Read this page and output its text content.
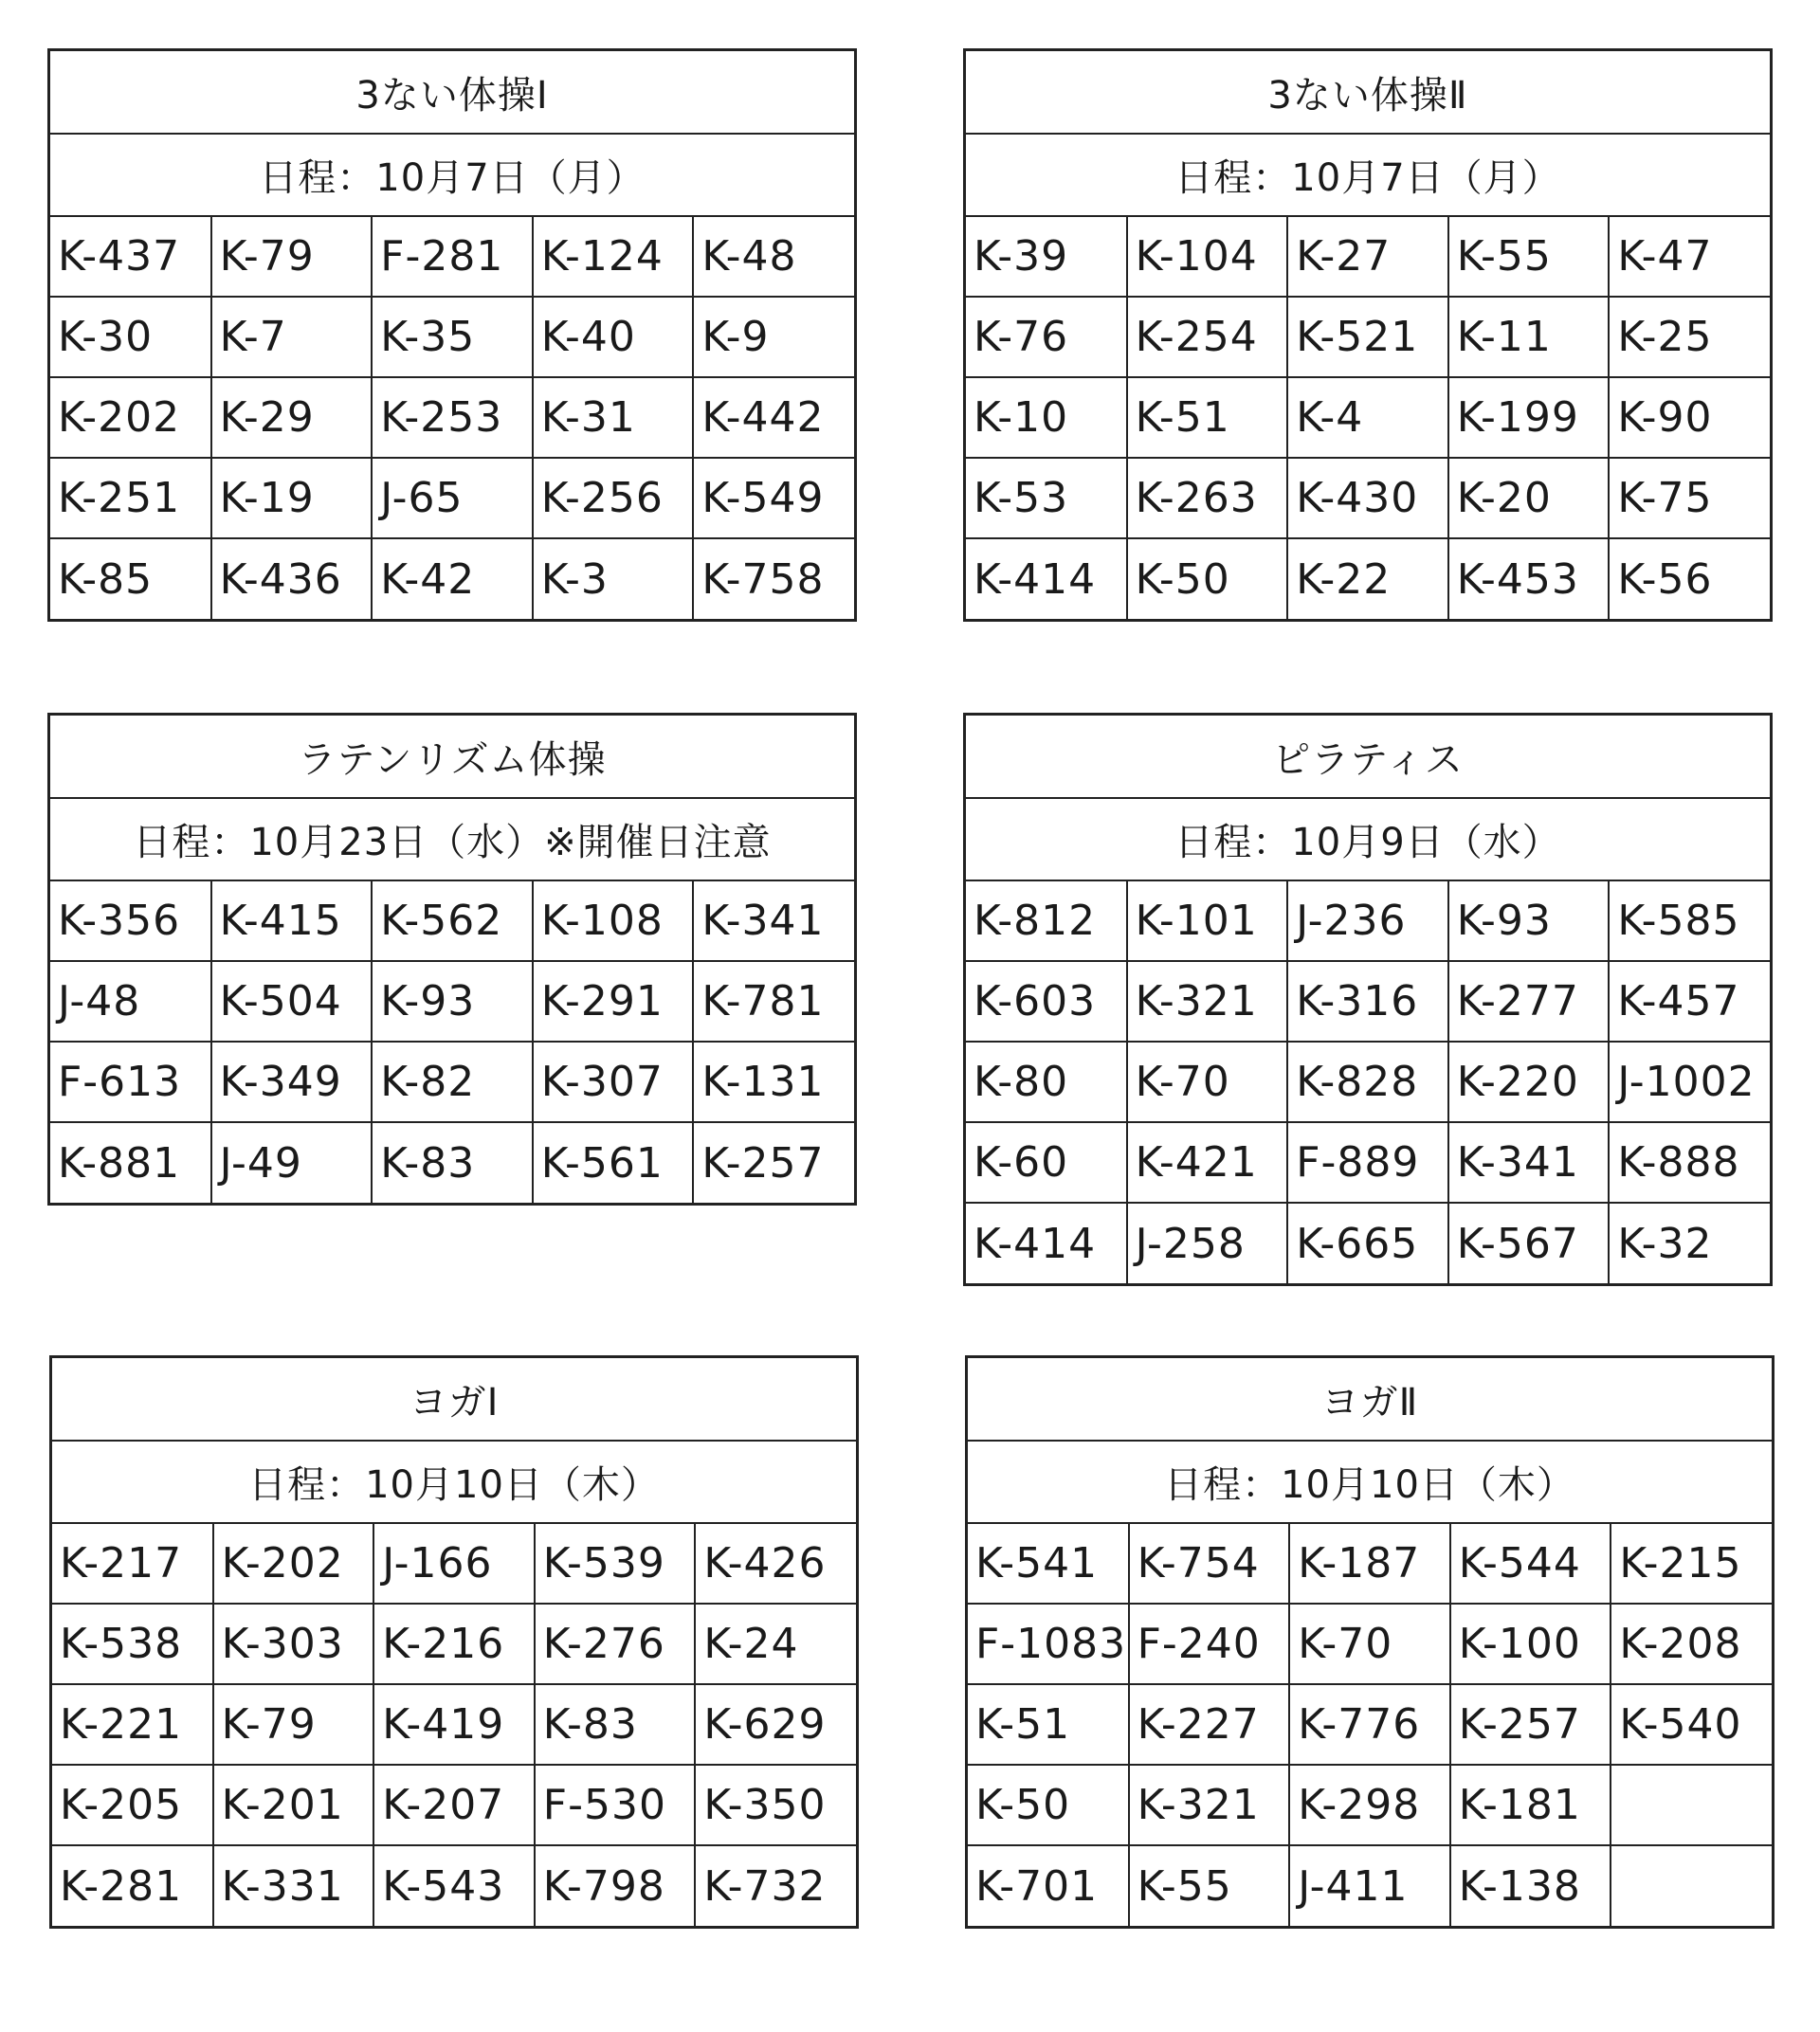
3ない体操Ⅰ				
日程：10月7日（月）				
K-437	K-79	F-281	K-124	K-48
K-30	K-7	K-35	K-40	K-9
K-202	K-29	K-253	K-31	K-442
K-251	K-19	J-65	K-256	K-549
K-85	K-436	K-42	K-3	K-758
3ない体操Ⅱ				
日程：10月7日（月）				
K-39	K-104	K-27	K-55	K-47
K-76	K-254	K-521	K-11	K-25
K-10	K-51	K-4	K-199	K-90
K-53	K-263	K-430	K-20	K-75
K-414	K-50	K-22	K-453	K-56
ラテンリズム体操				
日程：10月23日（水）※開催日注意				
K-356	K-415	K-562	K-108	K-341
J-48	K-504	K-93	K-291	K-781
F-613	K-349	K-82	K-307	K-131
K-881	J-49	K-83	K-561	K-257
ピラティス				
日程：10月9日（水）				
K-812	K-101	J-236	K-93	K-585
K-603	K-321	K-316	K-277	K-457
K-80	K-70	K-828	K-220	J-1002
K-60	K-421	F-889	K-341	K-888
K-414	J-258	K-665	K-567	K-32
ヨガⅠ				
日程：10月10日（木）				
K-217	K-202	J-166	K-539	K-426
K-538	K-303	K-216	K-276	K-24
K-221	K-79	K-419	K-83	K-629
K-205	K-201	K-207	F-530	K-350
K-281	K-331	K-543	K-798	K-732
ヨガⅡ				
日程：10月10日（木）				
K-541	K-754	K-187	K-544	K-215
F-1083	F-240	K-70	K-100	K-208
K-51	K-227	K-776	K-257	K-540
K-50	K-321	K-298	K-181	
K-701	K-55	J-411	K-138	
